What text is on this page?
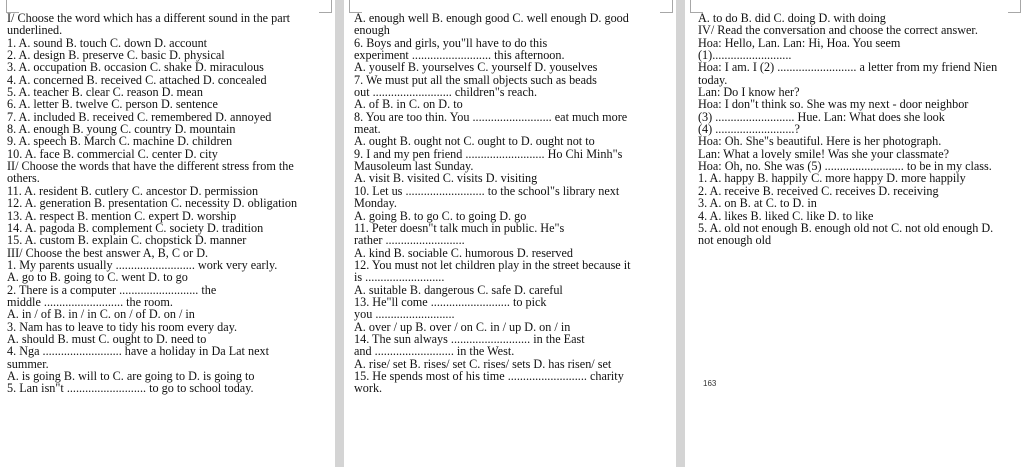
I/ Choose the word which has a different sound in the part
underlined.
1. A. sound B. touch C. down D. account
2. A. design B. preserve C. basic D. physical
3. A. occupation B. occasion C. shake D. miraculous
4. A. concerned B. received C. attached D. concealed
5. A. teacher B. clear C. reason D. mean
6. A. letter B. twelve C. person D. sentence
7. A. included B. received C. remembered D. annoyed
8. A. enough B. young C. country D. mountain
9. A. speech B. March C. machine D. children
10. A. face B. commercial C. center D. city
II/ Choose the words that have the different stress from the
others.
11. A. resident B. cutlery C. ancestor D. permission
12. A. generation B. presentation C. necessity D. obligation
13. A. respect B. mention C. expert D. worship
14. A. pagoda B. complement C. society D. tradition
15. A. custom B. explain C. chopstick D. manner
III/ Choose the best answer A, B, C or D.
1. My parents usually .......................... work very early.
A. go to B. going to C. went D. to go
2. There is a computer .......................... the
middle .......................... the room.
A. in / of B. in / in C. on / of D. on / in
3. Nam has to leave to tidy his room every day.
A. should B. must C. ought to D. need to
4. Nga .......................... have a holiday in Da Lat next
summer.
A. is going B. will to C. are going to D. is going to
5. Lan isn"t .......................... to go to school today.
A. enough well B. enough good C. well enough D. good
enough
6. Boys and girls, you"ll have to do this
experiment .......................... this afternoon.
A. youself B. yourselves C. yourself D. youselves
7. We must put all the small objects such as beads
out .......................... children"s reach.
A. of B. in C. on D. to
8. You are too thin. You .......................... eat much more
meat.
A. ought B. ought not C. ought to D. ought not to
9. I and my pen friend .......................... Ho Chi Minh"s
Mausoleum last Sunday.
A. visit B. visited C. visits D. visiting
10. Let us .......................... to the school"s library next
Monday.
A. going B. to go C. to going D. go
11. Peter doesn"t talk much in public. He"s
rather ..........................
A. kind B. sociable C. humorous D. reserved
12. You must not let children play in the street because it
is ..........................
A. suitable B. dangerous C. safe D. careful
13. He"ll come .......................... to pick
you ..........................
A. over / up B. over / on C. in / up D. on / in
14. The sun always .......................... in the East
and .......................... in the West.
A. rise/ set B. rises/ set C. rises/ sets D. has risen/ set
15. He spends most of his time .......................... charity
work.
A. to do B. did C. doing D. with doing
IV/ Read the conversation and choose the correct answer.
Hoa: Hello, Lan. Lan: Hi, Hoa. You seem
(1)..........................
Hoa: I am. I (2) .......................... a letter from my friend Nien
today.
Lan: Do I know her?
Hoa: I don"t think so. She was my next - door neighbor
(3) .......................... Hue. Lan: What does she look
(4) ..........................?
Hoa: Oh. She"s beautiful. Here is her photograph.
Lan: What a lovely smile! Was she your classmate?
Hoa: Oh, no. She was (5) .......................... to be in my class.
1. A. happy B. happily C. more happy D. more happily
2. A. receive B. received C. receives D. receiving
3. A. on B. at C. to D. in
4. A. likes B. liked C. like D. to like
5. A. old not enough B. enough old not C. not old enough D.
not enough old
163
